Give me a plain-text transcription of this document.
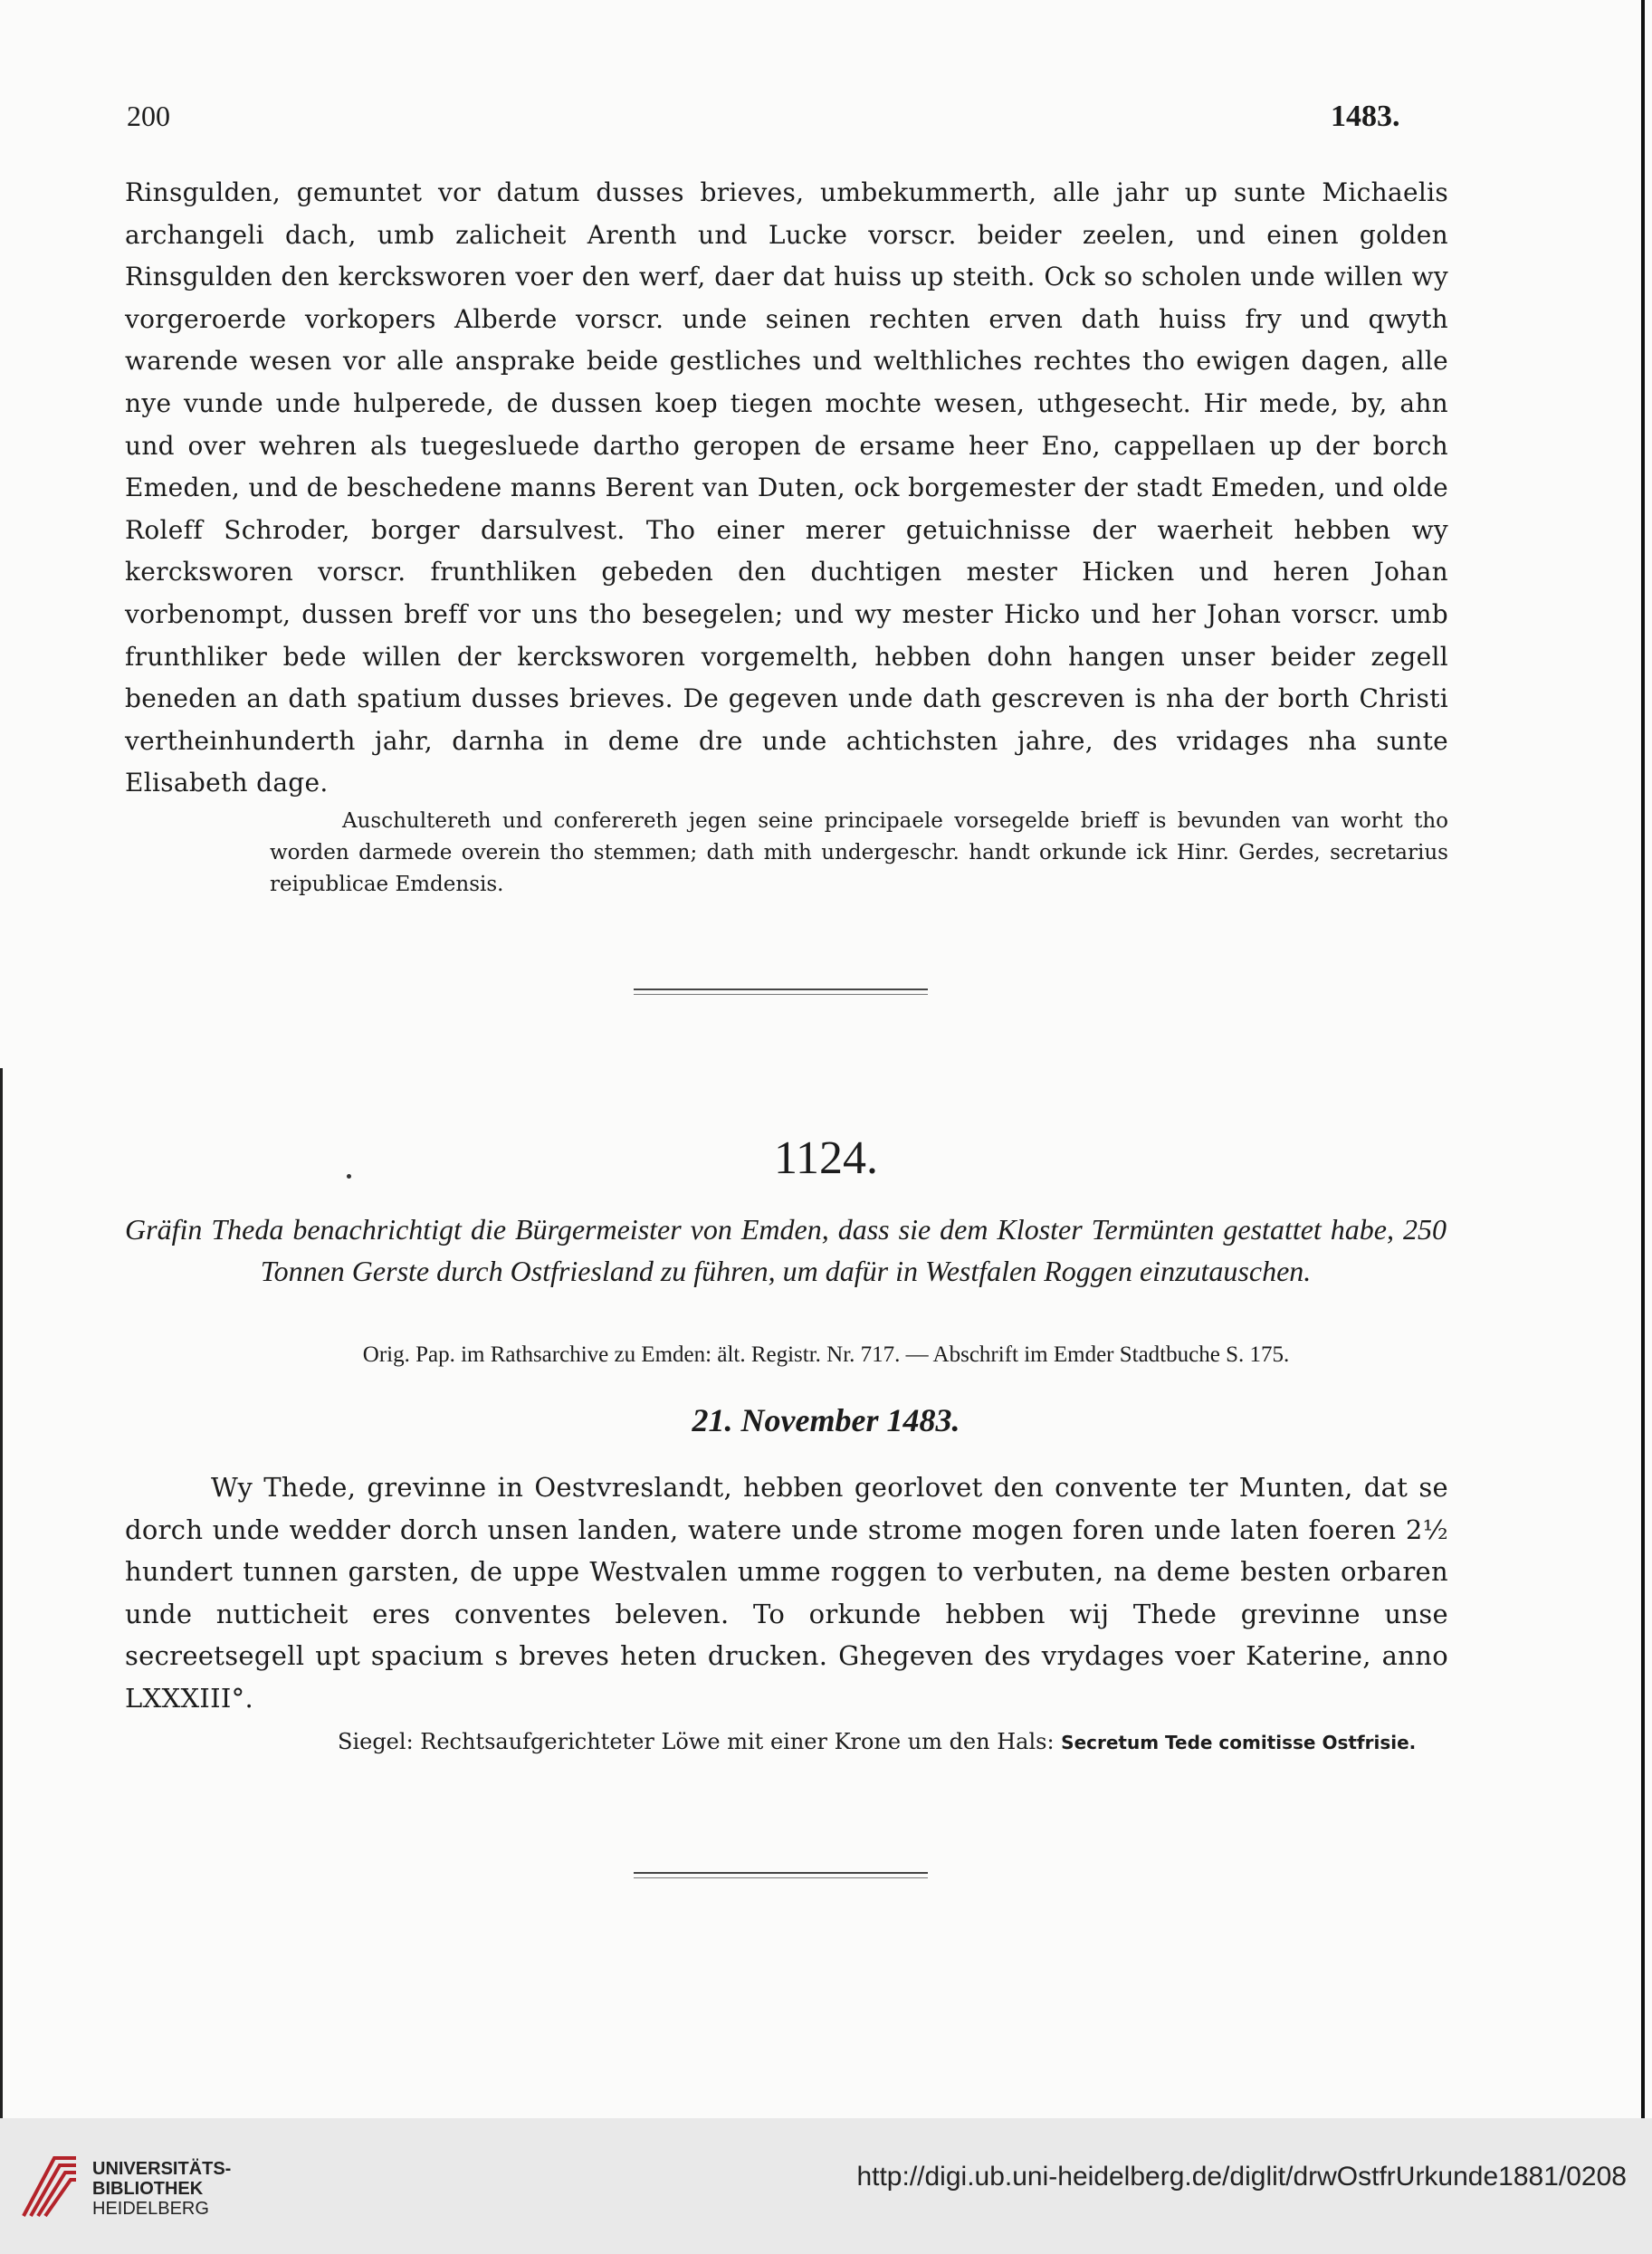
200	1483.
Rinsgulden, gemuntet vor datum dusses brieves, umbekummerth, alle jahr up sunte Michaelis archangeli dach, umb zalicheit Arenth und Lucke vorscr. beider zeelen, und einen golden Rinsgulden den kercksworen voer den werf, daer dat huiss up steith. Ock so scholen unde willen wy vorgeroerde vorkopers Alberde vorscr. unde seinen rechten erven dath huiss fry und qwyth warende wesen vor alle ansprake beide gestliches und welthliches rechtes tho ewigen dagen, alle nye vunde unde hulperede, de dussen koep tiegen mochte wesen, uthgesecht. Hir mede, by, ahn und over wehren als tuegesluede dartho geropen de ersame heer Eno, cappellaen up der borch Emeden, und de beschedene manns Berent van Duten, ock borgemester der stadt Emeden, und olde Roleff Schroder, borger darsulvest. Tho einer merer getuichnisse der waerheit hebben wy kercksworen vorscr. frunthliken gebeden den duchtigen mester Hicken und heren Johan vorbenompt, dussen breff vor uns tho besegelen; und wy mester Hicko und her Johan vorscr. umb frunthliker bede willen der kercksworen vorgemelth, hebben dohn hangen unser beider zegell beneden an dath spatium dusses brieves. De gegeven unde dath gescreven is nha der borth Christi vertheinhunderth jahr, darnha in deme dre unde achtichsten jahre, des vridages nha sunte Elisabeth dage.
Auschultereth und conferereth jegen seine principaele vorsegelde brieff is bevunden van worht tho worden darmede overein tho stemmen; dath mith undergeschr. handt orkunde ick Hinr. Gerdes, secretarius reipublicae Emdensis.
1124.
Gräfin Theda benachrichtigt die Bürgermeister von Emden, dass sie dem Kloster Termünten gestattet habe, 250 Tonnen Gerste durch Ostfriesland zu führen, um dafür in Westfalen Roggen einzutauschen.
Orig. Pap. im Rathsarchive zu Emden: ält. Registr. Nr. 717. — Abschrift im Emder Stadtbuche S. 175.
21. November 1483.
Wy Thede, grevinne in Oestvreslandt, hebben georlovet den convente ter Munten, dat se dorch unde wedder dorch unsen landen, watere unde strome mogen foren unde laten foeren 2½ hundert tunnen garsten, de uppe Westvalen umme roggen to verbuten, na deme besten orbaren unde nutticheit eres conventes beleven. To orkunde hebben wij Thede grevinne unse secreetsegell upt spacium s breves heten drucken. Ghegeven des vrydages voer Katerine, anno LXXXIII°.
Siegel: Rechtsaufgerichteter Löwe mit einer Krone um den Hals: Secretum Tede comitisse Ostfrisie.
UNIVERSITÄTS-
BIBLIOTHEK
HEIDELBERG
http://digi.ub.uni-heidelberg.de/diglit/drwOstfrUrkunde1881/0208
